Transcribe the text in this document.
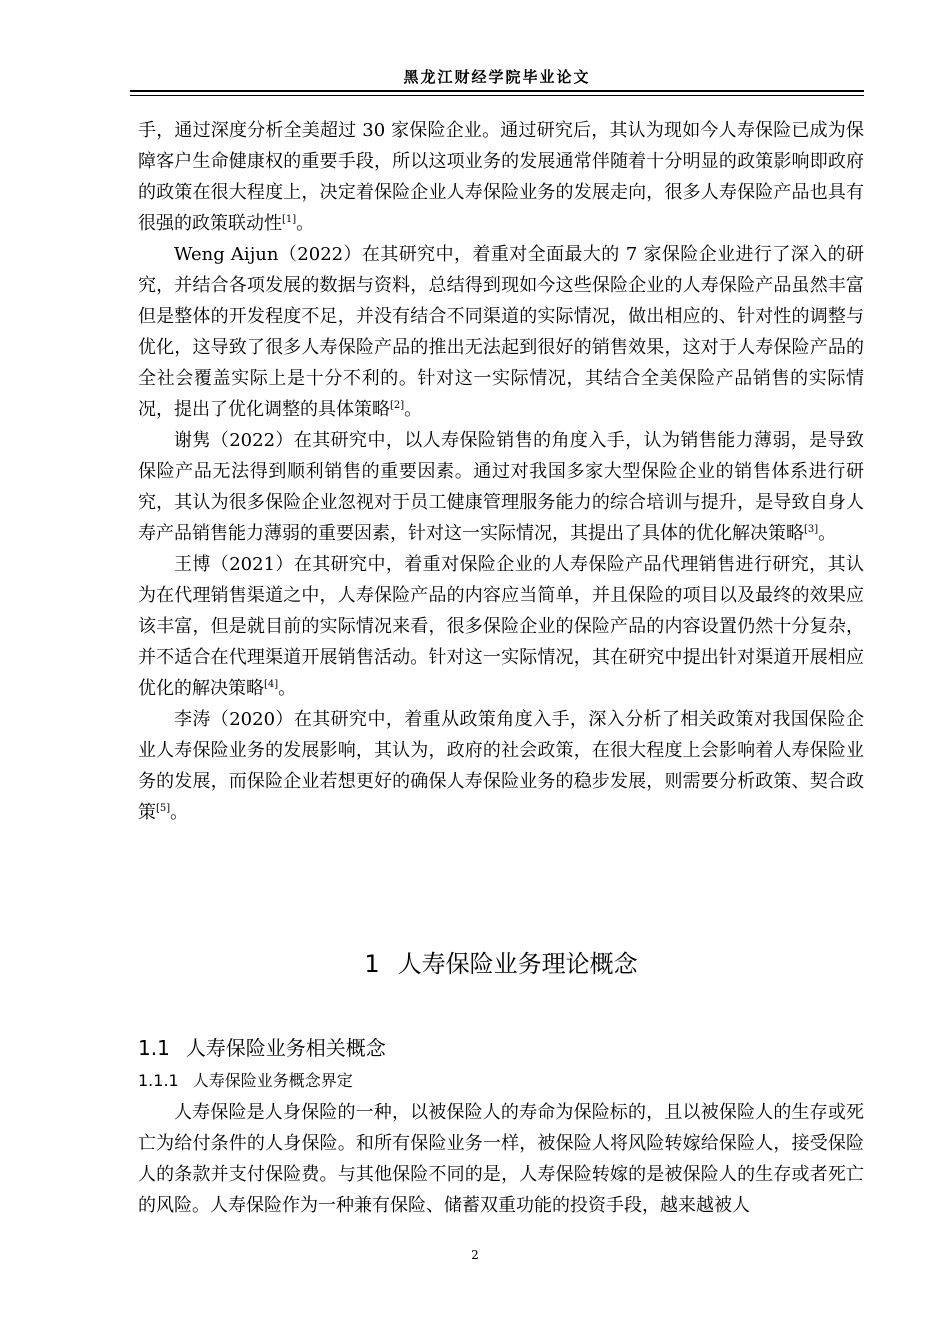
黑龙江财经学院毕业论文

手，通过深度分析全美超过 30 家保险企业。通过研究后，其认为现如今人寿保险已成为保障客户生命健康权的重要手段，所以这项业务的发展通常伴随着十分明显的政策影响即政府的政策在很大程度上，决定着保险企业人寿保险业务的发展走向，很多人寿保险产品也具有很强的政策联动性[1]。

Weng Aijun（2022）在其研究中，着重对全面最大的 7 家保险企业进行了深入的研究，并结合各项发展的数据与资料，总结得到现如今这些保险企业的人寿保险产品虽然丰富但是整体的开发程度不足，并没有结合不同渠道的实际情况，做出相应的、针对性的调整与优化，这导致了很多人寿保险产品的推出无法起到很好的销售效果，这对于人寿保险产品的全社会覆盖实际上是十分不利的。针对这一实际情况，其结合全美保险产品销售的实际情况，提出了优化调整的具体策略[2]。

谢隽（2022）在其研究中，以人寿保险销售的角度入手，认为销售能力薄弱，是导致保险产品无法得到顺利销售的重要因素。通过对我国多家大型保险企业的销售体系进行研究，其认为很多保险企业忽视对于员工健康管理服务能力的综合培训与提升，是导致自身人寿产品销售能力薄弱的重要因素，针对这一实际情况，其提出了具体的优化解决策略[3]。

王博（2021）在其研究中，着重对保险企业的人寿保险产品代理销售进行研究，其认为在代理销售渠道之中，人寿保险产品的内容应当简单，并且保险的项目以及最终的效果应该丰富，但是就目前的实际情况来看，很多保险企业的保险产品的内容设置仍然十分复杂，并不适合在代理渠道开展销售活动。针对这一实际情况，其在研究中提出针对渠道开展相应优化的解决策略[4]。

李涛（2020）在其研究中，着重从政策角度入手，深入分析了相关政策对我国保险企业人寿保险业务的发展影响，其认为，政府的社会政策，在很大程度上会影响着人寿保险业务的发展，而保险企业若想更好的确保人寿保险业务的稳步发展，则需要分析政策、契合政策[5]。

1 人寿保险业务理论概念
1.1 人寿保险业务相关概念
1.1.1 人寿保险业务概念界定

人寿保险是人身保险的一种，以被保险人的寿命为保险标的，且以被保险人的生存或死亡为给付条件的人身保险。和所有保险业务一样，被保险人将风险转嫁给保险人，接受保险人的条款并支付保险费。与其他保险不同的是，人寿保险转嫁的是被保险人的生存或者死亡的风险。人寿保险作为一种兼有保险、储蓄双重功能的投资手段，越来越被人

2
